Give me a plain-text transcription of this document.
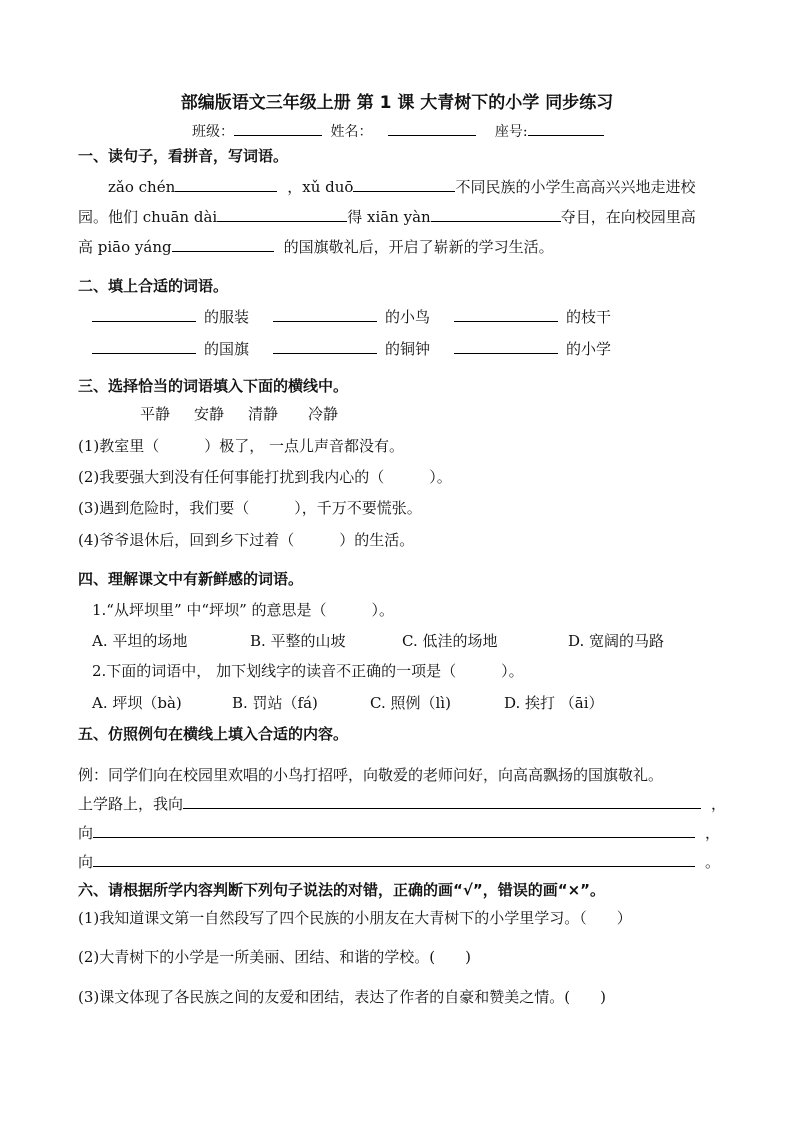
部编版语文三年级上册 第 1 课 大青树下的小学 同步练习
班级：	姓名：	座号:
一、读句子，看拼音，写词语。
zǎo chén	，xǔ duō	不同民族的小学生高高兴兴地走进校
园。他们 chuān dài	得 xiān yàn	夺目，在向校园里高
高 piāo yáng	的国旗敬礼后，开启了崭新的学习生活。
二、填上合适的词语。
的服装	的小鸟	的枝干
的国旗	的铜钟	的小学
三、选择恰当的词语填入下面的横线中。
平静 安静 清静 冷静
(1)教室里（　　　）极了， 一点儿声音都没有。
(2)我要强大到没有任何事能打扰到我内心的（　　　）。
(3)遇到危险时，我们要（　　　），千万不要慌张。
(4)爷爷退休后，回到乡下过着（　　　）的生活。
四、理解课文中有新鲜感的词语。
1.“从坪坝里” 中“坪坝” 的意思是（　　　）。
A. 平坦的场地	B. 平整的山坡	C. 低洼的场地	D. 宽阔的马路
2.下面的词语中， 加下划线字的读音不正确的一项是（　　　）。
A. 坪坝（bà)	B. 罚站（fá)	C. 照例（lì)	D. 挨打 （āi）
五、仿照例句在横线上填入合适的内容。
例：同学们向在校园里欢唱的小鸟打招呼，向敬爱的老师问好，向高高飘扬的国旗敬礼。
上学路上，我向	，
向	，
向	。
六、请根据所学内容判断下列句子说法的对错，正确的画“√”，错误的画“×”。
(1)我知道课文第一自然段写了四个民族的小朋友在大青树下的小学里学习。（　　）
(2)大青树下的小学是一所美丽、团结、和谐的学校。(　　)
(3)课文体现了各民族之间的友爱和团结，表达了作者的自豪和赞美之情。(　　)
